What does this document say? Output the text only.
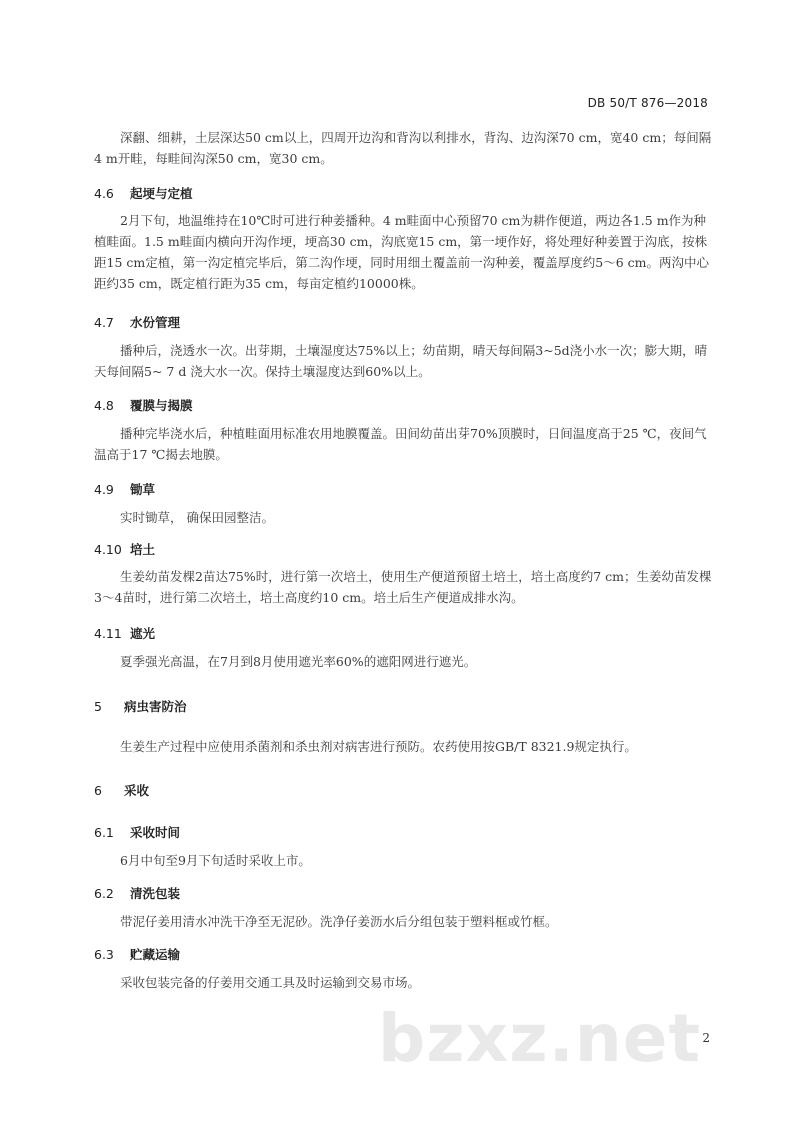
DB 50/T 876—2018

深翻、细耕，土层深达50 cm以上，四周开边沟和背沟以利排水，背沟、边沟深70 cm，宽40 cm；每间隔4 m开畦，每畦间沟深50 cm，宽30 cm。

4.6 起埂与定植

2月下旬，地温维持在10℃时可进行种姜播种。4 m畦面中心预留70 cm为耕作便道，两边各1.5 m作为种植畦面。1.5 m畦面内横向开沟作埂，埂高30 cm，沟底宽15 cm，第一埂作好，将处理好种姜置于沟底，按株距15 cm定植，第一沟定植完毕后，第二沟作埂，同时用细土覆盖前一沟种姜，覆盖厚度约5～6 cm。两沟中心距约35 cm，既定植行距为35 cm，每亩定植约10000株。

4.7 水份管理

播种后，浇透水一次。出芽期，土壤湿度达75%以上；幼苗期，晴天每间隔3~5d浇小水一次；膨大期，晴天每间隔5~ 7 d 浇大水一次。保持土壤湿度达到60%以上。

4.8 覆膜与揭膜

播种完毕浇水后，种植畦面用标准农用地膜覆盖。田间幼苗出芽70%顶膜时，日间温度高于25 ℃，夜间气温高于17 ℃揭去地膜。

4.9 锄草

实时锄草， 确保田园整洁。

4.10 培土

生姜幼苗发棵2苗达75%时，进行第一次培土，使用生产便道预留土培土，培土高度约7 cm；生姜幼苗发棵3～4苗时，进行第二次培土，培土高度约10 cm。培土后生产便道成排水沟。

4.11 遮光

夏季强光高温，在7月到8月使用遮光率60%的遮阳网进行遮光。

5 病虫害防治

生姜生产过程中应使用杀菌剂和杀虫剂对病害进行预防。农药使用按GB/T 8321.9规定执行。

6 采收
6.1 采收时间

6月中旬至9月下旬适时采收上市。

6.2 清洗包装

带泥仔姜用清水冲洗干净至无泥砂。洗净仔姜沥水后分组包装于塑料框或竹框。

6.3 贮藏运输

采收包装完备的仔姜用交通工具及时运输到交易市场。

bzxz.net 2
